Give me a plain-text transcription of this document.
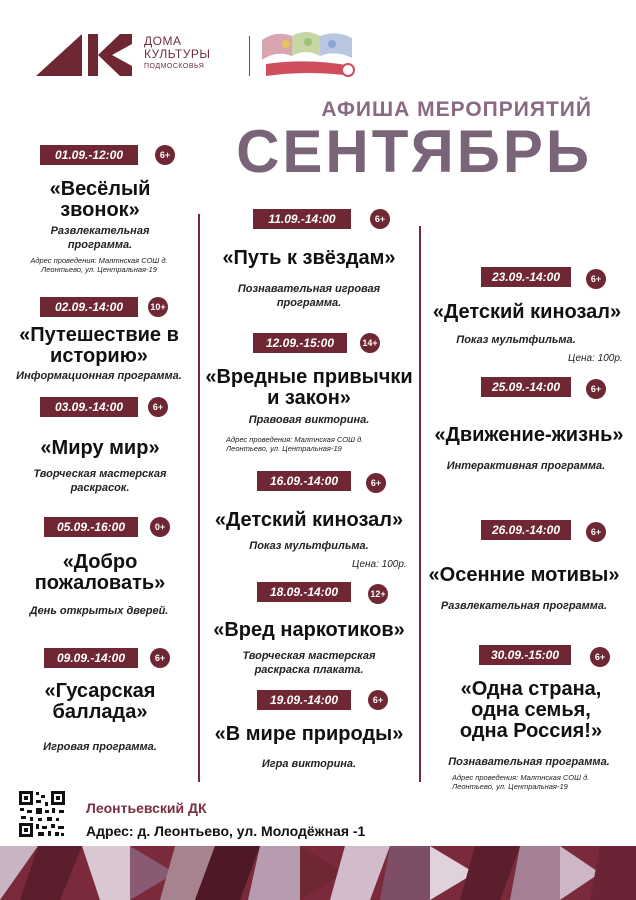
ДОМА
КУЛЬТУРЫ
ПОДМОСКОВЬЯ
АФИША МЕРОПРИЯТИЙ
СЕНТЯБРЬ
01.09.-12:00	6+
«Весёлый звонок»
Развлекательная программа.
Адрес проведения: Малтнская СОШ д. Леонтьево, ул. Центральная-19
02.09.-14:00	10+
«Путешествие в историю»
Информационная программа.
03.09.-14:00	6+
«Миру мир»
Творческая мастерская раскрасок.
05.09.-16:00	0+
«Добро пожаловать»
День открытых дверей.
09.09.-14:00	6+
«Гусарская баллада»
Игровая программа.
11.09.-14:00	6+
«Путь к звёздам»
Познавательная игровая программа.
12.09.-15:00	14+
«Вредные привычки и закон»
Правовая викторина.
Адрес проведения: Малтнская СОШ д. Леонтьево, ул. Центральная-19
16.09.-14:00	6+
«Детский кинозал»
Показ мультфильма.
Цена: 100р.
18.09.-14:00	12+
«Вред наркотиков»
Творческая мастерская раскраска плаката.
19.09.-14:00	6+
«В мире природы»
Игра викторина.
23.09.-14:00	6+
«Детский кинозал»
Показ мультфильма.
Цена: 100р.
25.09.-14:00	6+
«Движение-жизнь»
Интерактивная программа.
26.09.-14:00	6+
«Осенние мотивы»
Развлекательная программа.
30.09.-15:00	6+
«Одна страна, одна семья, одна Россия!»
Познавательная программа.
Адрес проведения: Малтнская СОШ д. Леонтьево, ул. Центральная-19
Леонтьевский ДК
Адрес: д. Леонтьево, ул. Молодёжная -1
